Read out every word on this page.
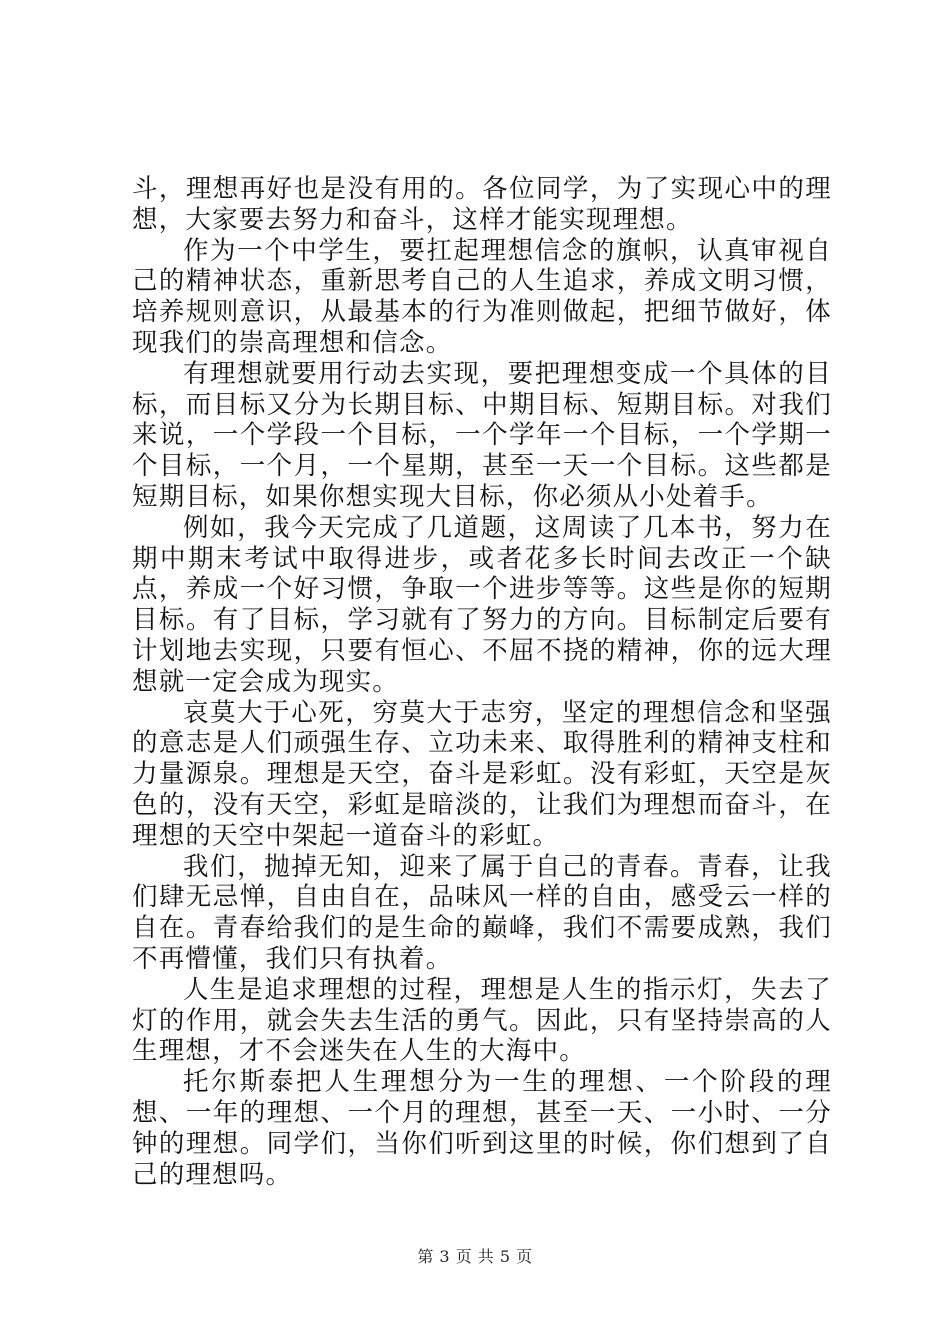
斗，理想再好也是没有用的。各位同学，为了实现心中的理想，大家要去努力和奋斗，这样才能实现理想。

作为一个中学生，要扛起理想信念的旗帜，认真审视自己的精神状态，重新思考自己的人生追求，养成文明习惯，培养规则意识，从最基本的行为准则做起，把细节做好，体现我们的崇高理想和信念。

有理想就要用行动去实现，要把理想变成一个具体的目标，而目标又分为长期目标、中期目标、短期目标。对我们来说，一个学段一个目标，一个学年一个目标，一个学期一个目标，一个月，一个星期，甚至一天一个目标。这些都是短期目标，如果你想实现大目标，你必须从小处着手。

例如，我今天完成了几道题，这周读了几本书，努力在期中期末考试中取得进步，或者花多长时间去改正一个缺点，养成一个好习惯，争取一个进步等等。这些是你的短期目标。有了目标，学习就有了努力的方向。目标制定后要有计划地去实现，只要有恒心、不屈不挠的精神，你的远大理想就一定会成为现实。

哀莫大于心死，穷莫大于志穷，坚定的理想信念和坚强的意志是人们顽强生存、立功未来、取得胜利的精神支柱和力量源泉。理想是天空，奋斗是彩虹。没有彩虹，天空是灰色的，没有天空，彩虹是暗淡的，让我们为理想而奋斗，在理想的天空中架起一道奋斗的彩虹。

我们，抛掉无知，迎来了属于自己的青春。青春，让我们肆无忌惮，自由自在，品味风一样的自由，感受云一样的自在。青春给我们的是生命的巅峰，我们不需要成熟，我们不再懵懂，我们只有执着。

人生是追求理想的过程，理想是人生的指示灯，失去了灯的作用，就会失去生活的勇气。因此，只有坚持崇高的人生理想，才不会迷失在人生的大海中。

托尔斯泰把人生理想分为一生的理想、一个阶段的理想、一年的理想、一个月的理想，甚至一天、一小时、一分钟的理想。同学们，当你们听到这里的时候，你们想到了自己的理想吗。

第 3 页 共 5 页
